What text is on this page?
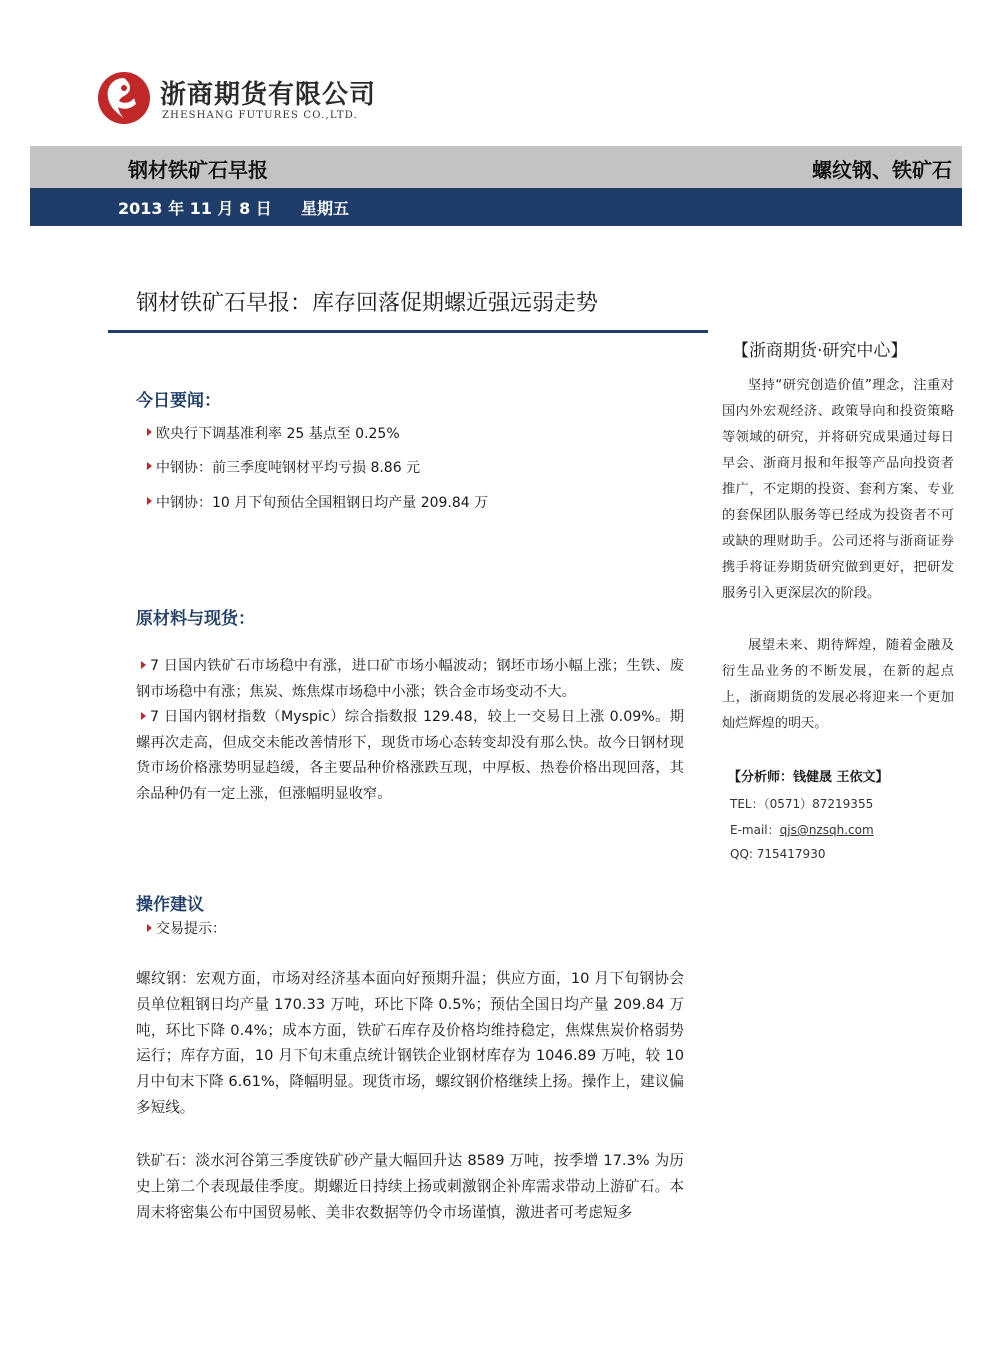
浙商期货有限公司
ZHESHANG FUTURES CO.,LTD.
钢材铁矿石早报	螺纹钢、铁矿石
2013 年 11 月 8 日 星期五
钢材铁矿石早报：库存回落促期螺近强远弱走势
今日要闻：
欧央行下调基准利率 25 基点至 0.25%
中钢协：前三季度吨钢材平均亏损 8.86 元
中钢协：10 月下旬预估全国粗钢日均产量 209.84 万
原材料与现货：

7 日国内铁矿石市场稳中有涨，进口矿市场小幅波动；钢坯市场小幅上涨；生铁、废钢市场稳中有涨；焦炭、炼焦煤市场稳中小涨；铁合金市场变动不大。

7 日国内钢材指数（Myspic）综合指数报 129.48，较上一交易日上涨 0.09%。期螺再次走高，但成交未能改善情形下，现货市场心态转变却没有那么快。故今日钢材现货市场价格涨势明显趋缓，各主要品种价格涨跌互现，中厚板、热卷价格出现回落，其余品种仍有一定上涨，但涨幅明显收窄。

操作建议
交易提示：
螺纹钢：宏观方面，市场对经济基本面向好预期升温；供应方面，10 月下旬钢协会员单位粗钢日均产量 170.33 万吨，环比下降 0.5%；预估全国日均产量 209.84 万吨，环比下降 0.4%；成本方面，铁矿石库存及价格均维持稳定，焦煤焦炭价格弱势运行；库存方面，10 月下旬末重点统计钢铁企业钢材库存为 1046.89 万吨，较 10 月中旬末下降 6.61%，降幅明显。现货市场，螺纹钢价格继续上扬。操作上，建议偏多短线。
铁矿石：淡水河谷第三季度铁矿砂产量大幅回升达 8589 万吨，按季增 17.3% 为历史上第二个表现最佳季度。期螺近日持续上扬或刺激钢企补库需求带动上游矿石。本周末将密集公布中国贸易帐、美非农数据等仍令市场谨慎，激进者可考虑短多
【浙商期货·研究中心】
坚持“研究创造价值”理念，注重对国内外宏观经济、政策导向和投资策略等领域的研究，并将研究成果通过每日早会、浙商月报和年报等产品向投资者推广，不定期的投资、套利方案、专业的套保团队服务等已经成为投资者不可或缺的理财助手。公司还将与浙商证券携手将证券期货研究做到更好，把研发服务引入更深层次的阶段。
展望未来、期待辉煌，随着金融及衍生品业务的不断发展，在新的起点上，浙商期货的发展必将迎来一个更加灿烂辉煌的明天。
【分析师：钱健晟 王依文】
TEL：（0571）87219355
E-mail：qjs@nzsqh.com
QQ: 715417930
